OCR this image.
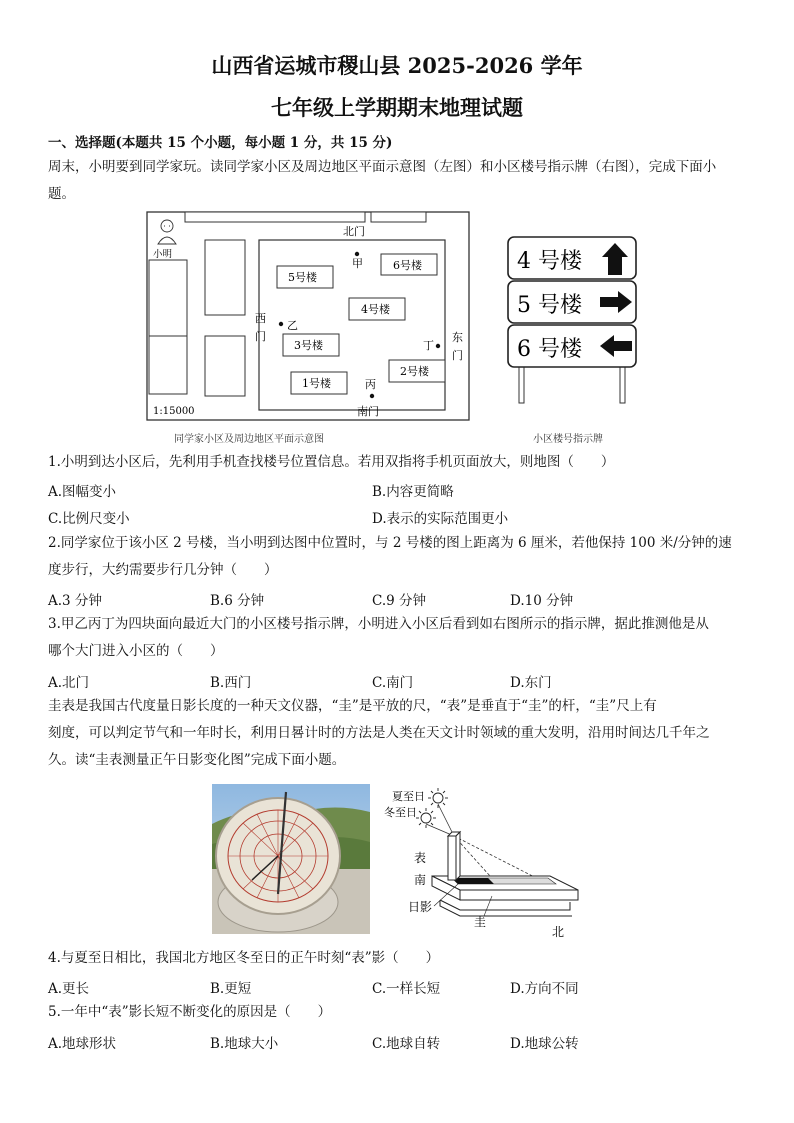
山西省运城市稷山县 2025-2026 学年
七年级上学期期末地理试题
一、选择题(本题共 15 个小题，每小题 1 分，共 15 分)
周末，小明要到同学家玩。读同学家小区及周边地区平面示意图（左图）和小区楼号指示牌（右图），完成下面小
题。
小明
北门
甲
西
门
乙
东
门
丁
丙
南门
5号楼
6号楼
4号楼
3号楼
2号楼
1号楼
1:15000
同学家小区及周边地区平面示意图
4 号楼
5 号楼
6 号楼
小区楼号指示牌
1.小明到达小区后，先利用手机查找楼号位置信息。若用双指将手机页面放大，则地图（　　）
A.图幅变小	B.内容更简略
C.比例尺变小	D.表示的实际范围更小
2.同学家位于该小区 2 号楼，当小明到达图中位置时，与 2 号楼的图上距离为 6 厘米，若他保持 100 米/分钟的速
度步行，大约需要步行几分钟（　　）
A.3 分钟	B.6 分钟	C.9 分钟	D.10 分钟
3.甲乙丙丁为四块面向最近大门的小区楼号指示牌，小明进入小区后看到如右图所示的指示牌，据此推测他是从
哪个大门进入小区的（　　）
A.北门	B.西门	C.南门	D.东门
圭表是我国古代度量日影长度的一种天文仪器，“圭”是平放的尺，“表”是垂直于“圭”的杆，“圭”尺上有
刻度，可以判定节气和一年时长，利用日晷计时的方法是人类在天文计时领域的重大发明，沿用时间达几千年之
久。读“圭表测量正午日影变化图”完成下面小题。
夏至日
冬至日
表
南
日影
圭
北
4.与夏至日相比，我国北方地区冬至日的正午时刻“表”影（　　）
A.更长	B.更短	C.一样长短	D.方向不同
5.一年中“表”影长短不断变化的原因是（　　）
A.地球形状	B.地球大小	C.地球自转	D.地球公转
